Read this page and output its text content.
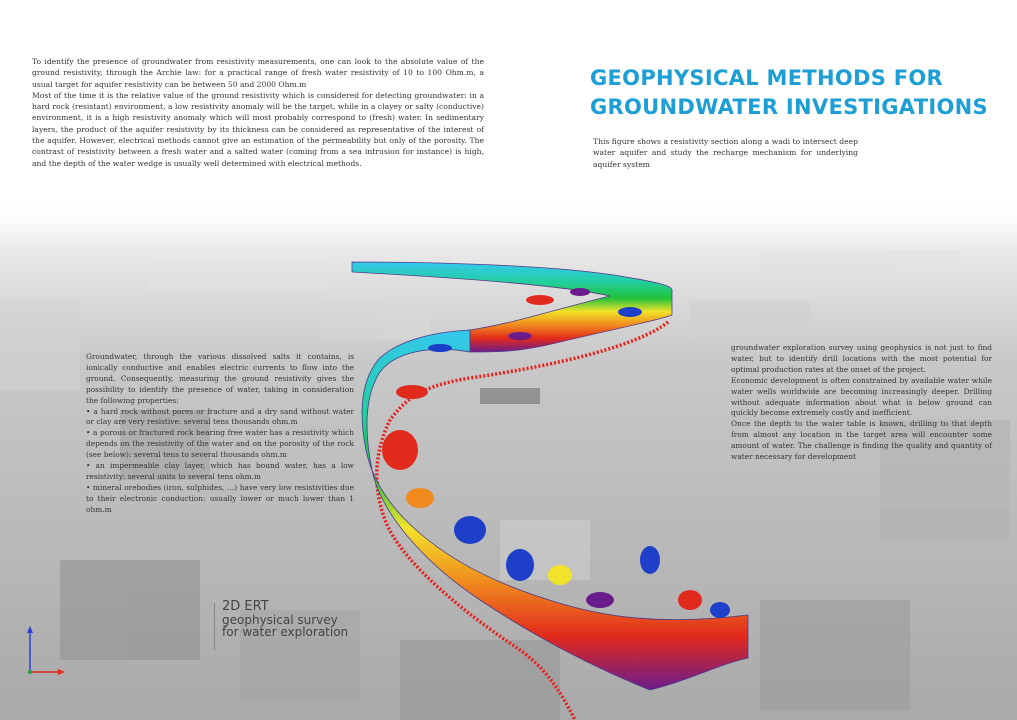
To identify the presence of groundwater from resistivity measurements, one can look to the absolute value of the ground resistivity, through the Archie law: for a practical range of fresh water resistivity of 10 to 100 Ohm.m, a usual target for aquifer resistivity can be between 50 and 2000 Ohm.m

Most of the time it is the relative value of the ground resistivity which is considered for detecting groundwater: in a hard rock (resistant) environment, a low resistivity anomaly will be the target, while in a clayey or salty (conductive) environment, it is a high resistivity anomaly which will most probably correspond to (fresh) water. In sedimentary layers, the product of the aquifer resistivity by its thickness can be considered as representative of the interest of the aquifer. However, electrical methods cannot give an estimation of the permeability but only of the porosity. The contrast of resistivity between a fresh water and a salted water (coming from a sea intrusion for instance) is high, and the depth of the water wedge is usually well determined with electrical methods.

GEOPHYSICAL METHODS FOR
GROUNDWATER INVESTIGATIONS
This figure shows a resistivity section along a wadi to intersect deep water aquifer and study the recharge mechanism for underlying aquifer system

Groundwater, through the various dissolved salts it contains, is ionically conductive and enables electric currents to flow into the ground. Consequently, measuring the ground resistivity gives the possibility to identify the presence of water, taking in consideration the following properties:

• a hard rock without pores or fracture and a dry sand without water or clay are very resistive: several tens thousands ohm.m

• a porous or fractured rock bearing free water has a resistivity which depends on the resistivity of the water and on the porosity of the rock (see below): several tens to several thousands ohm.m

• an impermeable clay layer, which has bound water, has a low resistivity: several units to several tens ohm.m

• mineral orebodies (iron, sulphides, …) have very low resistivities due to their electronic conduction: usually lower or much lower than 1 ohm.m

groundwater exploration survey using geophysics is not just to find water, but to identify drill locations with the most potential for optimal production rates at the onset of the project.

Economic development is often constrained by available water while water wells worldwide are becoming increasingly deeper. Drilling without adequate information about what is below ground can quickly become extremely costly and inefficient.

Once the depth to the water table is known, drilling to that depth from almost any location in the target area will encounter some amount of water. The challenge is finding the quality and quantity of water necessary for development

2D ERT
geophysical survey
for water exploration
